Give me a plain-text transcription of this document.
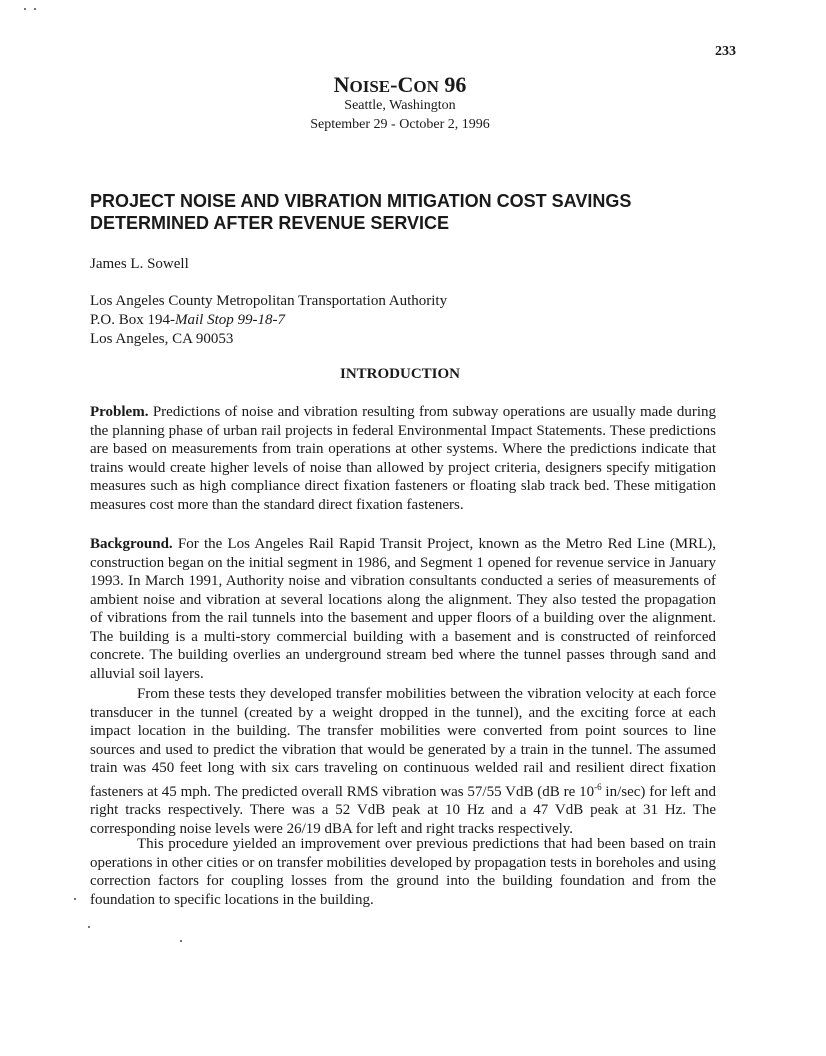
233
NOISE-CON 96
Seattle, Washington
September 29 - October 2, 1996
PROJECT NOISE AND VIBRATION MITIGATION COST SAVINGS
DETERMINED AFTER REVENUE SERVICE
James L. Sowell
Los Angeles County Metropolitan Transportation Authority
P.O. Box 194-Mail Stop 99-18-7
Los Angeles, CA 90053
INTRODUCTION

Problem. Predictions of noise and vibration resulting from subway operations are usually made during the planning phase of urban rail projects in federal Environmental Impact Statements. These predictions are based on measurements from train operations at other systems. Where the predictions indicate that trains would create higher levels of noise than allowed by project criteria, designers specify mitigation measures such as high compliance direct fixation fasteners or floating slab track bed. These mitigation measures cost more than the standard direct fixation fasteners.

Background. For the Los Angeles Rail Rapid Transit Project, known as the Metro Red Line (MRL), construction began on the initial segment in 1986, and Segment 1 opened for revenue service in January 1993. In March 1991, Authority noise and vibration consultants conducted a series of measurements of ambient noise and vibration at several locations along the alignment. They also tested the propagation of vibrations from the rail tunnels into the basement and upper floors of a building over the alignment. The building is a multi-story commercial building with a basement and is constructed of reinforced concrete. The building overlies an underground stream bed where the tunnel passes through sand and alluvial soil layers.

From these tests they developed transfer mobilities between the vibration velocity at each force transducer in the tunnel (created by a weight dropped in the tunnel), and the exciting force at each impact location in the building. The transfer mobilities were converted from point sources to line sources and used to predict the vibration that would be generated by a train in the tunnel. The assumed train was 450 feet long with six cars traveling on continuous welded rail and resilient direct fixation fasteners at 45 mph. The predicted overall RMS vibration was 57/55 VdB (dB re $10^{-6}$ in/sec) for left and right tracks respectively. There was a 52 VdB peak at 10 Hz and a 47 VdB peak at 31 Hz. The corresponding noise levels were 26/19 dBA for left and right tracks respectively.

This procedure yielded an improvement over previous predictions that had been based on train operations in other cities or on transfer mobilities developed by propagation tests in boreholes and using correction factors for coupling losses from the ground into the building foundation and from the foundation to specific locations in the building.
